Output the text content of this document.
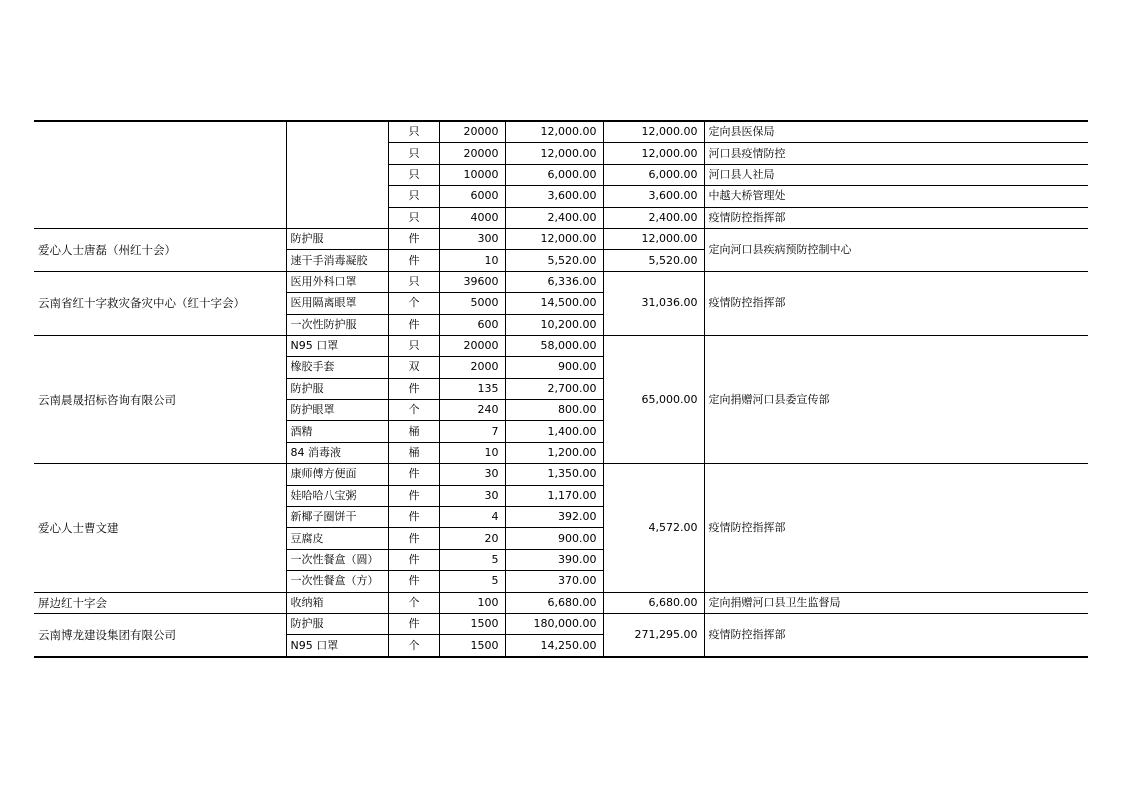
		只	20000	12,000.00	12,000.00	定向县医保局
		只	20000	12,000.00	12,000.00	河口县疫情防控
		只	10000	6,000.00	6,000.00	河口县人社局
		只	6000	3,600.00	3,600.00	中越大桥管理处
		只	4000	2,400.00	2,400.00	疫情防控指挥部
爱心人士唐磊（州红十会）	防护服	件	300	12,000.00	12,000.00	定向河口县疾病预防控制中心
	速干手消毒凝胶	件	10	5,520.00	5,520.00	
云南省红十字救灾备灾中心（红十字会）	医用外科口罩	只	39600	6,336.00	31,036.00	疫情防控指挥部
	医用隔离眼罩	个	5000	14,500.00		
	一次性防护服	件	600	10,200.00		
云南晨晟招标咨询有限公司	N95 口罩	只	20000	58,000.00	65,000.00	定向捐赠河口县委宣传部
	橡胶手套	双	2000	900.00		
	防护服	件	135	2,700.00		
	防护眼罩	个	240	800.00		
	酒精	桶	7	1,400.00		
	84 消毒液	桶	10	1,200.00		
爱心人士曹文建	康师傅方便面	件	30	1,350.00	4,572.00	疫情防控指挥部
	娃哈哈八宝粥	件	30	1,170.00		
	新椰子圈饼干	件	4	392.00		
	豆腐皮	件	20	900.00		
	一次性餐盒（圆）	件	5	390.00		
	一次性餐盒（方）	件	5	370.00		
屏边红十字会	收纳箱	个	100	6,680.00	6,680.00	定向捐赠河口县卫生监督局
云南博龙建设集团有限公司	防护服	件	1500	180,000.00	271,295.00	疫情防控指挥部
	N95 口罩	个	1500	14,250.00		
